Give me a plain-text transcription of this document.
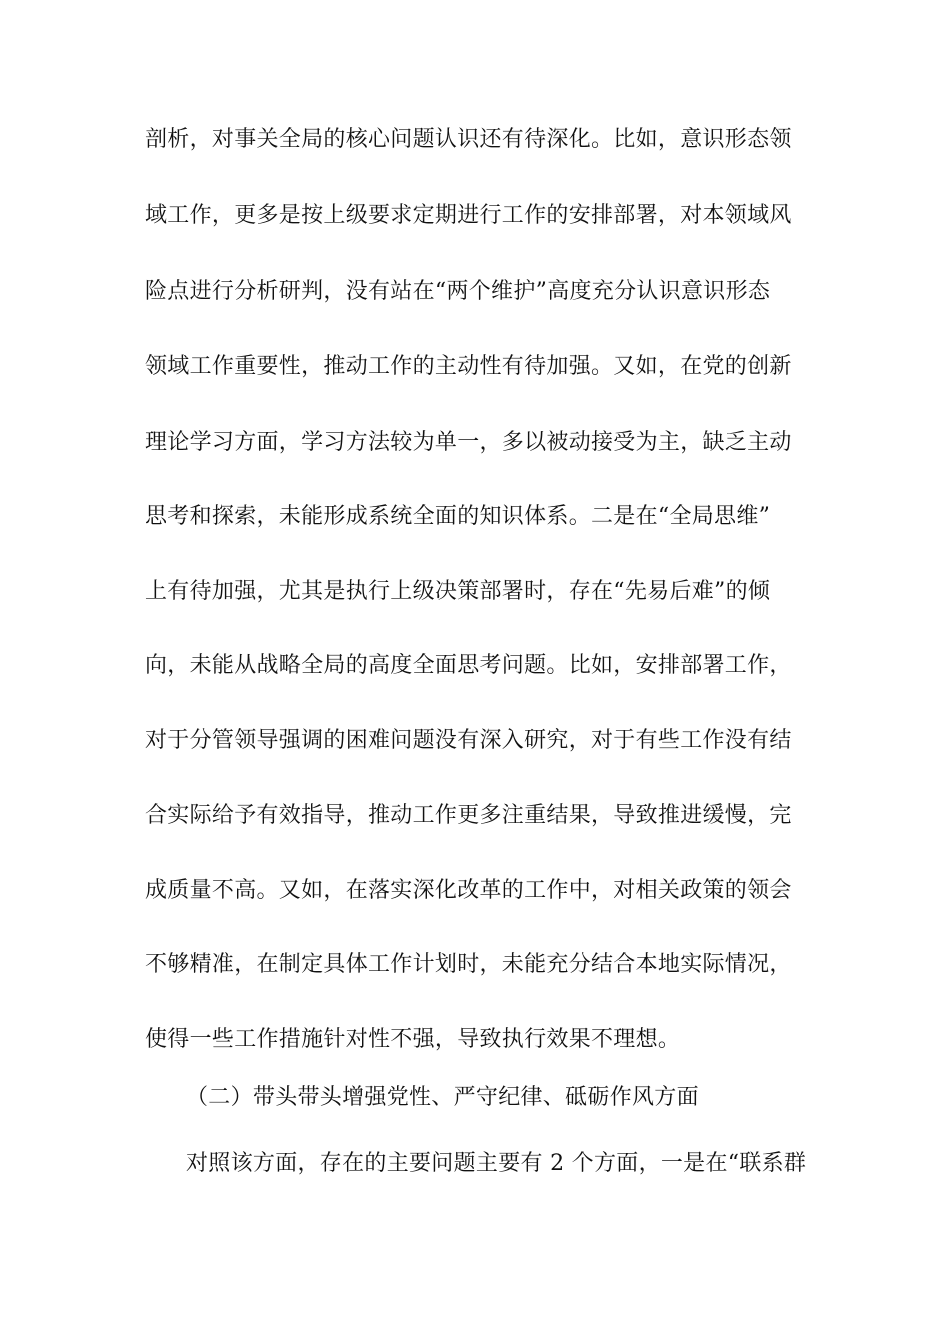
剖析，对事关全局的核心问题认识还有待深化。比如，意识形态领
域工作，更多是按上级要求定期进行工作的安排部署，对本领域风
险点进行分析研判，没有站在“两个维护”高度充分认识意识形态
领域工作重要性，推动工作的主动性有待加强。又如，在党的创新
理论学习方面，学习方法较为单一，多以被动接受为主，缺乏主动
思考和探索，未能形成系统全面的知识体系。二是在“全局思维”
上有待加强，尤其是执行上级决策部署时，存在“先易后难”的倾
向，未能从战略全局的高度全面思考问题。比如，安排部署工作，
对于分管领导强调的困难问题没有深入研究，对于有些工作没有结
合实际给予有效指导，推动工作更多注重结果，导致推进缓慢，完
成质量不高。又如，在落实深化改革的工作中，对相关政策的领会
不够精准，在制定具体工作计划时，未能充分结合本地实际情况，
使得一些工作措施针对性不强，导致执行效果不理想。
（二）带头带头增强党性、严守纪律、砥砺作风方面
对照该方面，存在的主要问题主要有 2 个方面，一是在“联系群
